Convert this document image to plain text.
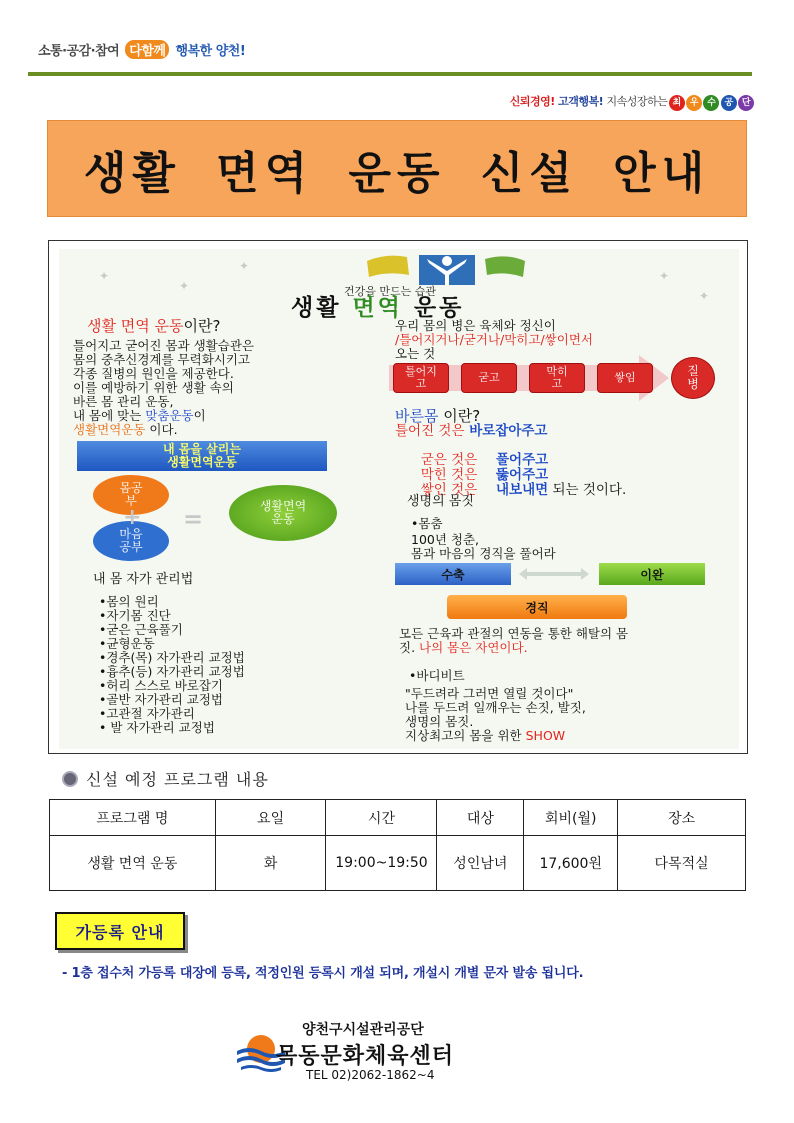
소통·공감·참여 다함께 행복한 양천!
신뢰경영! 고객행복! 지속성장하는 최 우 수 공 단
생활 면역 운동 신설 안내
✦
✦
✦
✦
✦
건강을 만드는 습관
생활 면역 운동
생활 면역 운동이란?
틀어지고 굳어진 몸과 생활습관은
몸의 중추신경계를 무력화시키고
각종 질병의 원인을 제공한다.
이를 예방하기 위한 생활 속의
바른 몸 관리 운동,
내 몸에 맞는 맞춤운동이
생활면역운동 이다.
내 몸을 살리는
생활면역운동
몸공
부
마음
공부
+ =	생활면역
운동
내 몸 자가 관리법
•몸의 원리
•자기몸 진단
•굳은 근육풀기
•균형운동
•경추(목) 자가관리 교정법
•흉추(등) 자가관리 교정법
•허리 스스로 바로잡기
•골반 자가관리 교정법
•고관절 자가관리
• 발 자가관리 교정법
우리 몸의 병은 육체와 정신이
/틀어지거나/굳거나/막히고/쌓이면서
오는 것
틀어지
고	굳고	막히
고	쌓임	질
병
바른몸 이란?
틀어진 것은 바로잡아주고

굳은 것은    풀어주고

막힌 것은    뚫어주고

쌓인 것은    내보내면 되는 것이다.

생명의 몸짓
•몸춤
100년 청춘,
몸과 마음의 경직을 풀어라
수축	이완
경직
모든 근육과 관절의 연동을 통한 해탈의 몸
짓. 나의 몸은 자연이다.
•바디비트
"두드려라 그러면 열릴 것이다"
나를 두드려 일깨우는 손짓, 발짓,
생명의 몸짓.
지상최고의 몸을 위한 SHOW
신설 예정 프로그램 내용
프로그램 명	요일	시간	대상	회비(월)	장소
생활 면역 운동	화	19:00~19:50	성인남녀	17,600원	다목적실
가등록 안내
- 1층 접수처 가등록 대장에 등록, 적정인원 등록시 개설 되며, 개설시 개별 문자 발송 됩니다.
양천구시설관리공단
목동문화체육센터
TEL 02)2062-1862~4
